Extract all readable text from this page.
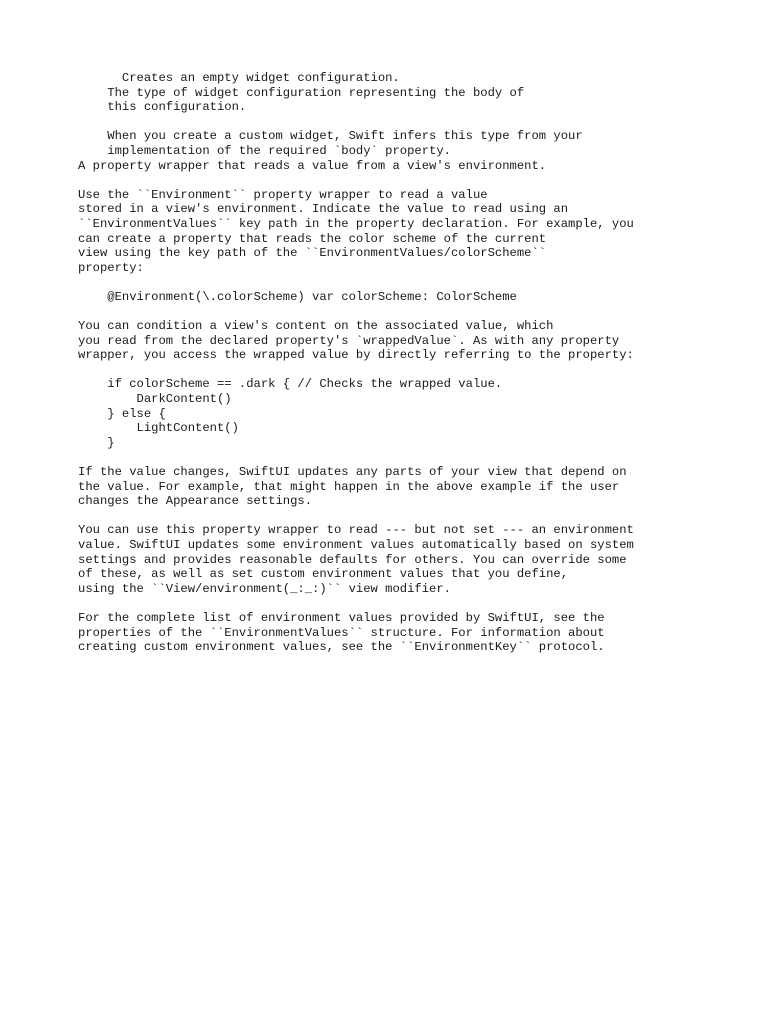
Creates an empty widget configuration.
The type of widget configuration representing the body of
this configuration.
When you create a custom widget, Swift infers this type from your
implementation of the required `body` property.
A property wrapper that reads a value from a view's environment.
Use the ``Environment`` property wrapper to read a value
stored in a view's environment. Indicate the value to read using an
``EnvironmentValues`` key path in the property declaration. For example, you
can create a property that reads the color scheme of the current
view using the key path of the ``EnvironmentValues/colorScheme``
property:
@Environment(\.colorScheme) var colorScheme: ColorScheme
You can condition a view's content on the associated value, which
you read from the declared property's `wrappedValue`. As with any property
wrapper, you access the wrapped value by directly referring to the property:
if colorScheme == .dark { // Checks the wrapped value.
DarkContent()
} else {
LightContent()
}
If the value changes, SwiftUI updates any parts of your view that depend on
the value. For example, that might happen in the above example if the user
changes the Appearance settings.
You can use this property wrapper to read --- but not set --- an environment
value. SwiftUI updates some environment values automatically based on system
settings and provides reasonable defaults for others. You can override some
of these, as well as set custom environment values that you define,
using the ``View/environment(_:_:)`` view modifier.
For the complete list of environment values provided by SwiftUI, see the
properties of the ``EnvironmentValues`` structure. For information about
creating custom environment values, see the ``EnvironmentKey`` protocol.
